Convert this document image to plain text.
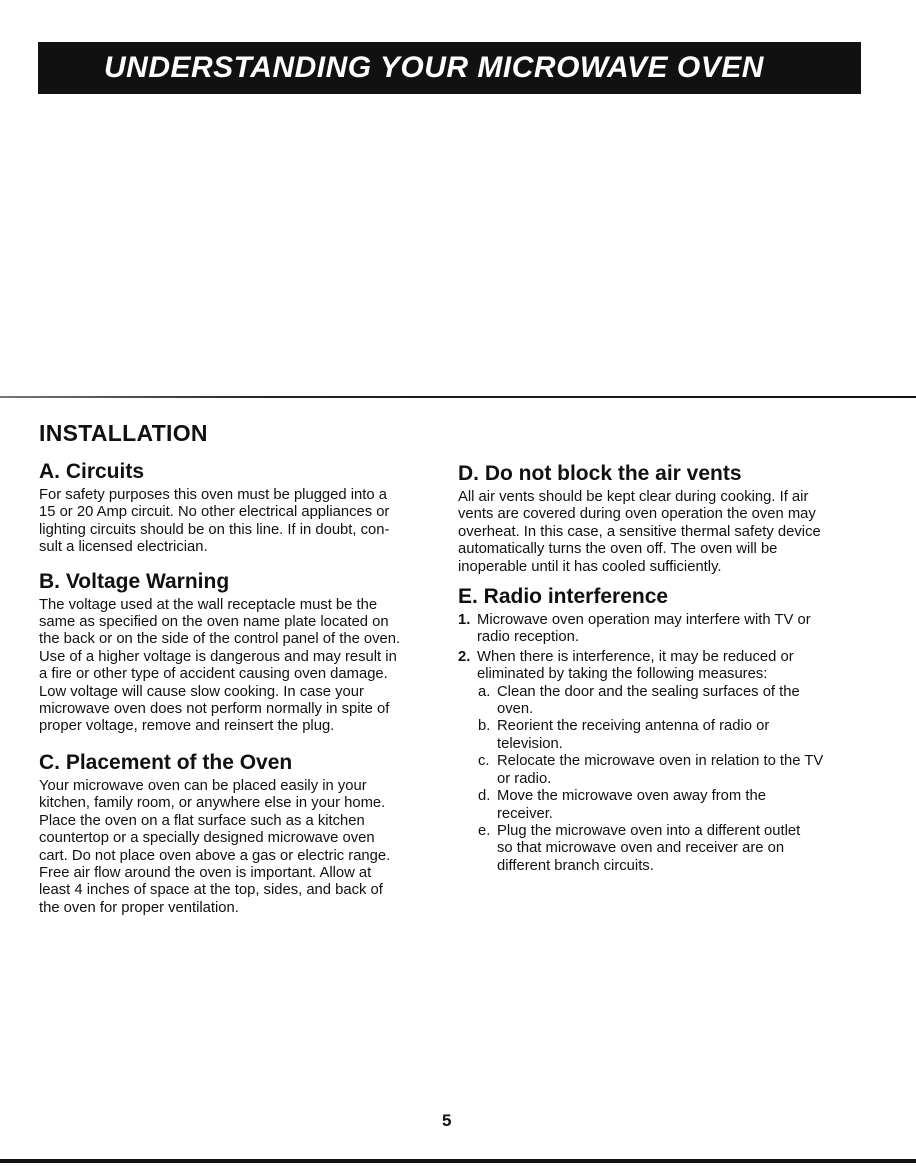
UNDERSTANDING YOUR MICROWAVE OVEN
INSTALLATION
A. Circuits

For safety purposes this oven must be plugged into a
15 or 20 Amp circuit. No other electrical appliances or
lighting circuits should be on this line. If in doubt, con-
sult a licensed electrician.

B. Voltage Warning

The voltage used at the wall receptacle must be the
same as specified on the oven name plate located on
the back or on the side of the control panel of the oven.
Use of a higher voltage is dangerous and may result in
a fire or other type of accident causing oven damage.
Low voltage will cause slow cooking. In case your
microwave oven does not perform normally in spite of
proper voltage, remove and reinsert the plug.

C. Placement of the Oven

Your microwave oven can be placed easily in your
kitchen, family room, or anywhere else in your home.
Place the oven on a flat surface such as a kitchen
countertop or a specially designed microwave oven
cart. Do not place oven above a gas or electric range.
Free air flow around the oven is important. Allow at
least 4 inches of space at the top, sides, and back of
the oven for proper ventilation.

D. Do not block the air vents

All air vents should be kept clear during cooking. If air
vents are covered during oven operation the oven may
overheat. In this case, a sensitive thermal safety device
automatically turns the oven off. The oven will be
inoperable until it has cooled sufficiently.

E. Radio interference
1. Microwave oven operation may interfere with TV or
radio reception.
2. When there is interference, it may be reduced or
eliminated by taking the following measures:
a. Clean the door and the sealing surfaces of the
oven.
b. Reorient the receiving antenna of radio or
television.
c. Relocate the microwave oven in relation to the TV
or radio.
d. Move the microwave oven away from the
receiver.
e. Plug the microwave oven into a different outlet
so that microwave oven and receiver are on
different branch circuits.
5
